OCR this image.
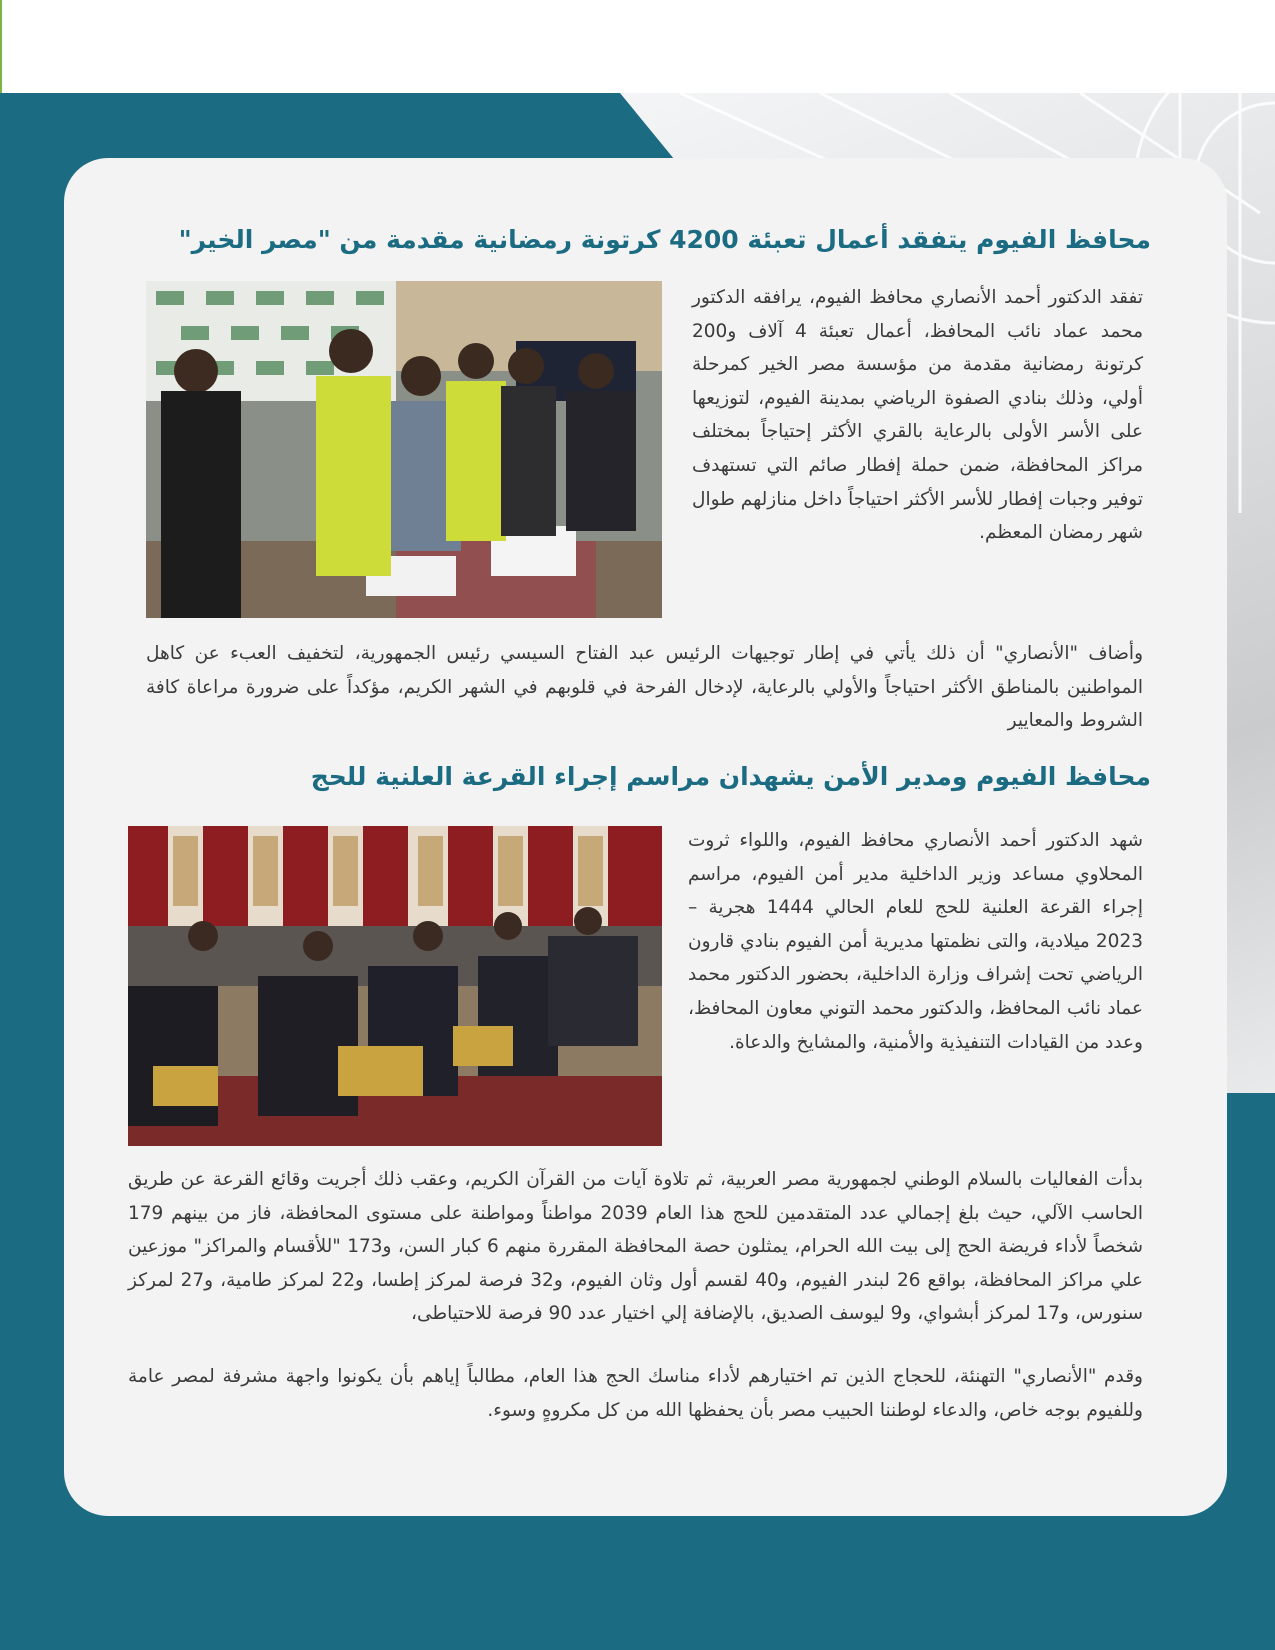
محافظ الفيوم يتفقد أعمال تعبئة 4200 كرتونة رمضانية مقدمة من "مصر الخير"

تفقد الدكتور أحمد الأنصاري محافظ الفيوم، يرافقه الدكتور محمد عماد نائب المحافظ، أعمال تعبئة 4 آلاف و200 كرتونة رمضانية مقدمة من مؤسسة مصر الخير كمرحلة أولي، وذلك بنادي الصفوة الرياضي بمدينة الفيوم، لتوزيعها على الأسر الأولى بالرعاية بالقري الأكثر إحتياجاً بمختلف مراكز المحافظة، ضمن حملة إفطار صائم التي تستهدف توفير وجبات إفطار للأسر الأكثر احتياجاً داخل منازلهم طوال شهر رمضان المعظم.

وأضاف "الأنصاري" أن ذلك يأتي في إطار توجيهات الرئيس عبد الفتاح السيسي رئيس الجمهورية، لتخفيف العبء عن كاهل المواطنين بالمناطق الأكثر احتياجاً والأولي بالرعاية، لإدخال الفرحة في قلوبهم في الشهر الكريم، مؤكداً على ضرورة مراعاة كافة الشروط والمعايير

محافظ الفيوم ومدير الأمن يشهدان مراسم إجراء القرعة العلنية للحج

شهد الدكتور أحمد الأنصاري محافظ الفيوم، واللواء ثروت المحلاوي مساعد وزير الداخلية مدير أمن الفيوم، مراسم إجراء القرعة العلنية للحج للعام الحالي 1444 هجرية – 2023 ميلادية، والتى نظمتها مديرية أمن الفيوم بنادي قارون الرياضي تحت إشراف وزارة الداخلية، بحضور الدكتور محمد عماد نائب المحافظ، والدكتور محمد التوني معاون المحافظ، وعدد من القيادات التنفيذية والأمنية، والمشايخ والدعاة.

بدأت الفعاليات بالسلام الوطني لجمهورية مصر العربية، ثم تلاوة آيات من القرآن الكريم، وعقب ذلك أجريت وقائع القرعة عن طريق الحاسب الآلي، حيث بلغ إجمالي عدد المتقدمين للحج هذا العام 2039 مواطناً ومواطنة على مستوى المحافظة، فاز من بينهم 179 شخصاً لأداء فريضة الحج إلى بيت الله الحرام، يمثلون حصة المحافظة المقررة منهم 6 كبار السن، و173 "للأقسام والمراكز" موزعين علي مراكز المحافظة، بواقع 26 لبندر الفيوم، و40 لقسم أول وثان الفيوم، و32 فرصة لمركز إطسا، و22 لمركز طامية، و27 لمركز سنورس، و17 لمركز أبشواي، و9 ليوسف الصديق، بالإضافة إلي اختيار عدد 90 فرصة للاحتياطى،

وقدم "الأنصاري" التهنئة، للحجاج الذين تم اختيارهم لأداء مناسك الحج هذا العام، مطالباً إياهم بأن يكونوا واجهة مشرفة لمصر عامة وللفيوم بوجه خاص، والدعاء لوطننا الحبيب مصر بأن يحفظها الله من كل مكروهٍ وسوء.
